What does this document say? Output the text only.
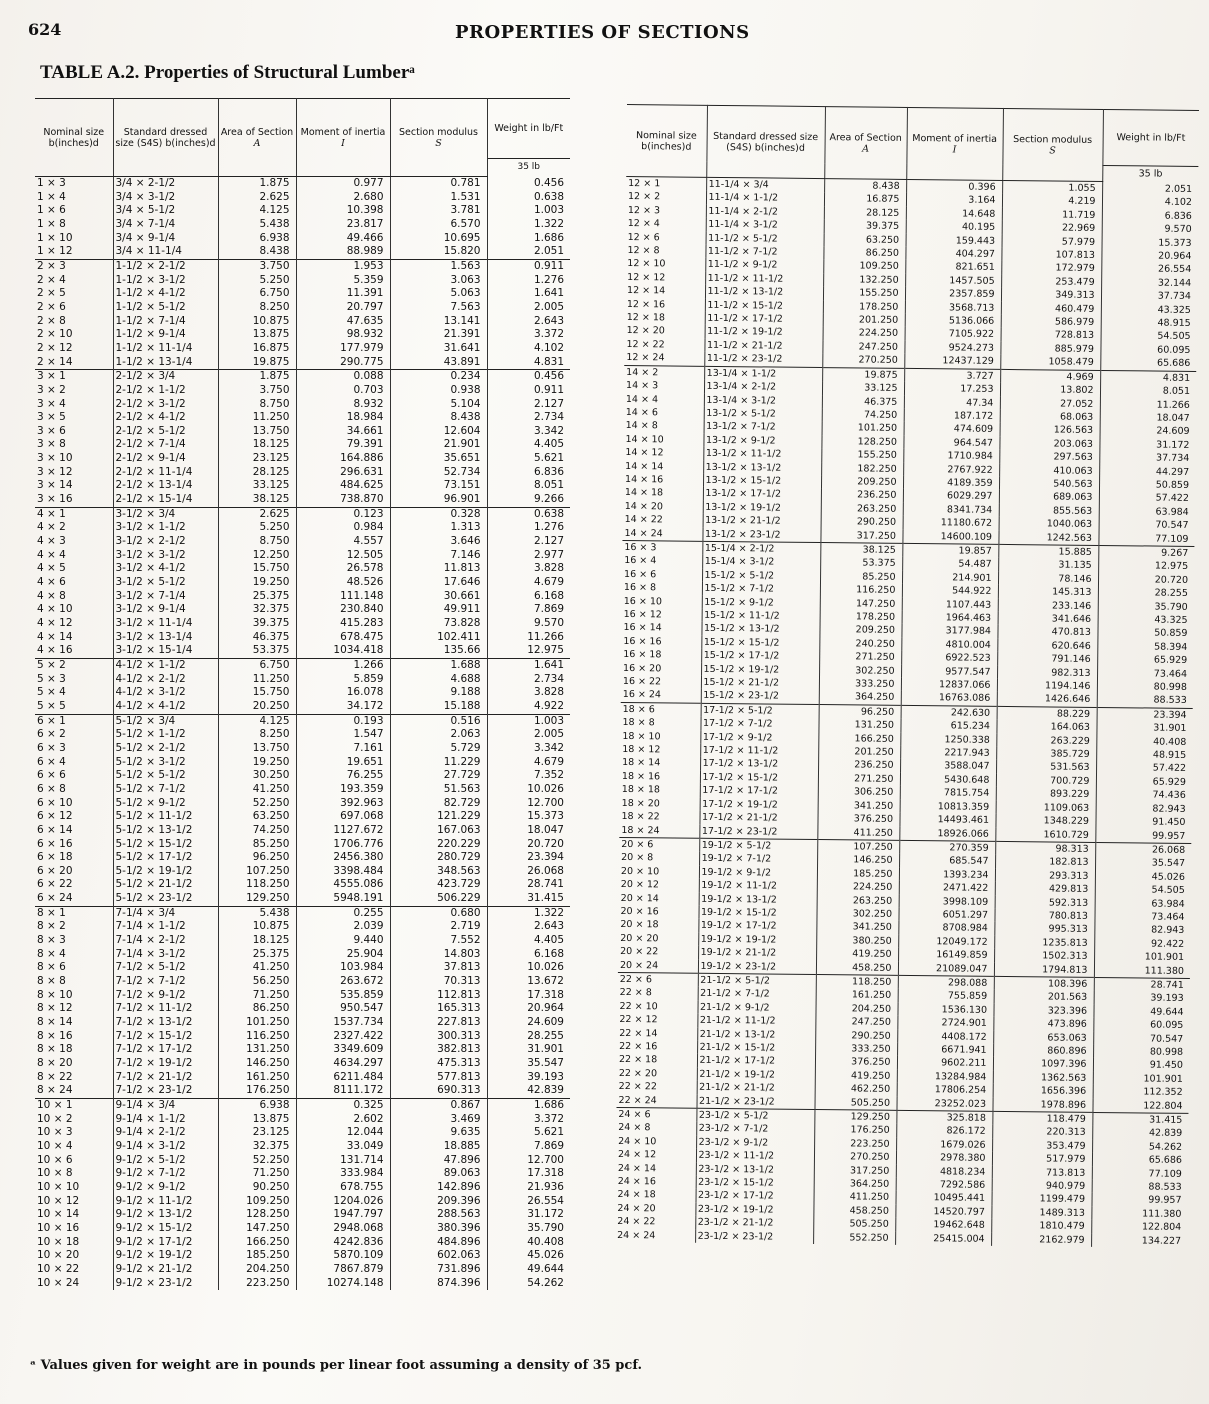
624	PROPERTIES OF SECTIONS
TABLE A.2. Properties of Structural Lumberᵃ
Nominal size b(inches)d	Standard dressed size (S4S) b(inches)d	Area of Section
A	Moment of inertia
I	Section modulus
S	Weight in lb/Ft
					35 lb
1 × 3	3/4 × 2-1/2	1.875	0.977	0.781	0.456
1 × 4	3/4 × 3-1/2	2.625	2.680	1.531	0.638
1 × 6	3/4 × 5-1/2	4.125	10.398	3.781	1.003
1 × 8	3/4 × 7-1/4	5.438	23.817	6.570	1.322
1 × 10	3/4 × 9-1/4	6.938	49.466	10.695	1.686
1 × 12	3/4 × 11-1/4	8.438	88.989	15.820	2.051
2 × 3	1-1/2 × 2-1/2	3.750	1.953	1.563	0.911
2 × 4	1-1/2 × 3-1/2	5.250	5.359	3.063	1.276
2 × 5	1-1/2 × 4-1/2	6.750	11.391	5.063	1.641
2 × 6	1-1/2 × 5-1/2	8.250	20.797	7.563	2.005
2 × 8	1-1/2 × 7-1/4	10.875	47.635	13.141	2.643
2 × 10	1-1/2 × 9-1/4	13.875	98.932	21.391	3.372
2 × 12	1-1/2 × 11-1/4	16.875	177.979	31.641	4.102
2 × 14	1-1/2 × 13-1/4	19.875	290.775	43.891	4.831
3 × 1	2-1/2 × 3/4	1.875	0.088	0.234	0.456
3 × 2	2-1/2 × 1-1/2	3.750	0.703	0.938	0.911
3 × 4	2-1/2 × 3-1/2	8.750	8.932	5.104	2.127
3 × 5	2-1/2 × 4-1/2	11.250	18.984	8.438	2.734
3 × 6	2-1/2 × 5-1/2	13.750	34.661	12.604	3.342
3 × 8	2-1/2 × 7-1/4	18.125	79.391	21.901	4.405
3 × 10	2-1/2 × 9-1/4	23.125	164.886	35.651	5.621
3 × 12	2-1/2 × 11-1/4	28.125	296.631	52.734	6.836
3 × 14	2-1/2 × 13-1/4	33.125	484.625	73.151	8.051
3 × 16	2-1/2 × 15-1/4	38.125	738.870	96.901	9.266
4 × 1	3-1/2 × 3/4	2.625	0.123	0.328	0.638
4 × 2	3-1/2 × 1-1/2	5.250	0.984	1.313	1.276
4 × 3	3-1/2 × 2-1/2	8.750	4.557	3.646	2.127
4 × 4	3-1/2 × 3-1/2	12.250	12.505	7.146	2.977
4 × 5	3-1/2 × 4-1/2	15.750	26.578	11.813	3.828
4 × 6	3-1/2 × 5-1/2	19.250	48.526	17.646	4.679
4 × 8	3-1/2 × 7-1/4	25.375	111.148	30.661	6.168
4 × 10	3-1/2 × 9-1/4	32.375	230.840	49.911	7.869
4 × 12	3-1/2 × 11-1/4	39.375	415.283	73.828	9.570
4 × 14	3-1/2 × 13-1/4	46.375	678.475	102.411	11.266
4 × 16	3-1/2 × 15-1/4	53.375	1034.418	135.66	12.975
5 × 2	4-1/2 × 1-1/2	6.750	1.266	1.688	1.641
5 × 3	4-1/2 × 2-1/2	11.250	5.859	4.688	2.734
5 × 4	4-1/2 × 3-1/2	15.750	16.078	9.188	3.828
5 × 5	4-1/2 × 4-1/2	20.250	34.172	15.188	4.922
6 × 1	5-1/2 × 3/4	4.125	0.193	0.516	1.003
6 × 2	5-1/2 × 1-1/2	8.250	1.547	2.063	2.005
6 × 3	5-1/2 × 2-1/2	13.750	7.161	5.729	3.342
6 × 4	5-1/2 × 3-1/2	19.250	19.651	11.229	4.679
6 × 6	5-1/2 × 5-1/2	30.250	76.255	27.729	7.352
6 × 8	5-1/2 × 7-1/2	41.250	193.359	51.563	10.026
6 × 10	5-1/2 × 9-1/2	52.250	392.963	82.729	12.700
6 × 12	5-1/2 × 11-1/2	63.250	697.068	121.229	15.373
6 × 14	5-1/2 × 13-1/2	74.250	1127.672	167.063	18.047
6 × 16	5-1/2 × 15-1/2	85.250	1706.776	220.229	20.720
6 × 18	5-1/2 × 17-1/2	96.250	2456.380	280.729	23.394
6 × 20	5-1/2 × 19-1/2	107.250	3398.484	348.563	26.068
6 × 22	5-1/2 × 21-1/2	118.250	4555.086	423.729	28.741
6 × 24	5-1/2 × 23-1/2	129.250	5948.191	506.229	31.415
8 × 1	7-1/4 × 3/4	5.438	0.255	0.680	1.322
8 × 2	7-1/4 × 1-1/2	10.875	2.039	2.719	2.643
8 × 3	7-1/4 × 2-1/2	18.125	9.440	7.552	4.405
8 × 4	7-1/4 × 3-1/2	25.375	25.904	14.803	6.168
8 × 6	7-1/2 × 5-1/2	41.250	103.984	37.813	10.026
8 × 8	7-1/2 × 7-1/2	56.250	263.672	70.313	13.672
8 × 10	7-1/2 × 9-1/2	71.250	535.859	112.813	17.318
8 × 12	7-1/2 × 11-1/2	86.250	950.547	165.313	20.964
8 × 14	7-1/2 × 13-1/2	101.250	1537.734	227.813	24.609
8 × 16	7-1/2 × 15-1/2	116.250	2327.422	300.313	28.255
8 × 18	7-1/2 × 17-1/2	131.250	3349.609	382.813	31.901
8 × 20	7-1/2 × 19-1/2	146.250	4634.297	475.313	35.547
8 × 22	7-1/2 × 21-1/2	161.250	6211.484	577.813	39.193
8 × 24	7-1/2 × 23-1/2	176.250	8111.172	690.313	42.839
10 × 1	9-1/4 × 3/4	6.938	0.325	0.867	1.686
10 × 2	9-1/4 × 1-1/2	13.875	2.602	3.469	3.372
10 × 3	9-1/4 × 2-1/2	23.125	12.044	9.635	5.621
10 × 4	9-1/4 × 3-1/2	32.375	33.049	18.885	7.869
10 × 6	9-1/2 × 5-1/2	52.250	131.714	47.896	12.700
10 × 8	9-1/2 × 7-1/2	71.250	333.984	89.063	17.318
10 × 10	9-1/2 × 9-1/2	90.250	678.755	142.896	21.936
10 × 12	9-1/2 × 11-1/2	109.250	1204.026	209.396	26.554
10 × 14	9-1/2 × 13-1/2	128.250	1947.797	288.563	31.172
10 × 16	9-1/2 × 15-1/2	147.250	2948.068	380.396	35.790
10 × 18	9-1/2 × 17-1/2	166.250	4242.836	484.896	40.408
10 × 20	9-1/2 × 19-1/2	185.250	5870.109	602.063	45.026
10 × 22	9-1/2 × 21-1/2	204.250	7867.879	731.896	49.644
10 × 24	9-1/2 × 23-1/2	223.250	10274.148	874.396	54.262
Nominal size b(inches)d	Standard dressed size (S4S) b(inches)d	Area of Section
A	Moment of inertia
I	Section modulus
S	Weight in lb/Ft
					35 lb
12 × 1	11-1/4 × 3/4	8.438	0.396	1.055	2.051
12 × 2	11-1/4 × 1-1/2	16.875	3.164	4.219	4.102
12 × 3	11-1/4 × 2-1/2	28.125	14.648	11.719	6.836
12 × 4	11-1/4 × 3-1/2	39.375	40.195	22.969	9.570
12 × 6	11-1/2 × 5-1/2	63.250	159.443	57.979	15.373
12 × 8	11-1/2 × 7-1/2	86.250	404.297	107.813	20.964
12 × 10	11-1/2 × 9-1/2	109.250	821.651	172.979	26.554
12 × 12	11-1/2 × 11-1/2	132.250	1457.505	253.479	32.144
12 × 14	11-1/2 × 13-1/2	155.250	2357.859	349.313	37.734
12 × 16	11-1/2 × 15-1/2	178.250	3568.713	460.479	43.325
12 × 18	11-1/2 × 17-1/2	201.250	5136.066	586.979	48.915
12 × 20	11-1/2 × 19-1/2	224.250	7105.922	728.813	54.505
12 × 22	11-1/2 × 21-1/2	247.250	9524.273	885.979	60.095
12 × 24	11-1/2 × 23-1/2	270.250	12437.129	1058.479	65.686
14 × 2	13-1/4 × 1-1/2	19.875	3.727	4.969	4.831
14 × 3	13-1/4 × 2-1/2	33.125	17.253	13.802	8.051
14 × 4	13-1/4 × 3-1/2	46.375	47.34	27.052	11.266
14 × 6	13-1/2 × 5-1/2	74.250	187.172	68.063	18.047
14 × 8	13-1/2 × 7-1/2	101.250	474.609	126.563	24.609
14 × 10	13-1/2 × 9-1/2	128.250	964.547	203.063	31.172
14 × 12	13-1/2 × 11-1/2	155.250	1710.984	297.563	37.734
14 × 14	13-1/2 × 13-1/2	182.250	2767.922	410.063	44.297
14 × 16	13-1/2 × 15-1/2	209.250	4189.359	540.563	50.859
14 × 18	13-1/2 × 17-1/2	236.250	6029.297	689.063	57.422
14 × 20	13-1/2 × 19-1/2	263.250	8341.734	855.563	63.984
14 × 22	13-1/2 × 21-1/2	290.250	11180.672	1040.063	70.547
14 × 24	13-1/2 × 23-1/2	317.250	14600.109	1242.563	77.109
16 × 3	15-1/4 × 2-1/2	38.125	19.857	15.885	9.267
16 × 4	15-1/4 × 3-1/2	53.375	54.487	31.135	12.975
16 × 6	15-1/2 × 5-1/2	85.250	214.901	78.146	20.720
16 × 8	15-1/2 × 7-1/2	116.250	544.922	145.313	28.255
16 × 10	15-1/2 × 9-1/2	147.250	1107.443	233.146	35.790
16 × 12	15-1/2 × 11-1/2	178.250	1964.463	341.646	43.325
16 × 14	15-1/2 × 13-1/2	209.250	3177.984	470.813	50.859
16 × 16	15-1/2 × 15-1/2	240.250	4810.004	620.646	58.394
16 × 18	15-1/2 × 17-1/2	271.250	6922.523	791.146	65.929
16 × 20	15-1/2 × 19-1/2	302.250	9577.547	982.313	73.464
16 × 22	15-1/2 × 21-1/2	333.250	12837.066	1194.146	80.998
16 × 24	15-1/2 × 23-1/2	364.250	16763.086	1426.646	88.533
18 × 6	17-1/2 × 5-1/2	96.250	242.630	88.229	23.394
18 × 8	17-1/2 × 7-1/2	131.250	615.234	164.063	31.901
18 × 10	17-1/2 × 9-1/2	166.250	1250.338	263.229	40.408
18 × 12	17-1/2 × 11-1/2	201.250	2217.943	385.729	48.915
18 × 14	17-1/2 × 13-1/2	236.250	3588.047	531.563	57.422
18 × 16	17-1/2 × 15-1/2	271.250	5430.648	700.729	65.929
18 × 18	17-1/2 × 17-1/2	306.250	7815.754	893.229	74.436
18 × 20	17-1/2 × 19-1/2	341.250	10813.359	1109.063	82.943
18 × 22	17-1/2 × 21-1/2	376.250	14493.461	1348.229	91.450
18 × 24	17-1/2 × 23-1/2	411.250	18926.066	1610.729	99.957
20 × 6	19-1/2 × 5-1/2	107.250	270.359	98.313	26.068
20 × 8	19-1/2 × 7-1/2	146.250	685.547	182.813	35.547
20 × 10	19-1/2 × 9-1/2	185.250	1393.234	293.313	45.026
20 × 12	19-1/2 × 11-1/2	224.250	2471.422	429.813	54.505
20 × 14	19-1/2 × 13-1/2	263.250	3998.109	592.313	63.984
20 × 16	19-1/2 × 15-1/2	302.250	6051.297	780.813	73.464
20 × 18	19-1/2 × 17-1/2	341.250	8708.984	995.313	82.943
20 × 20	19-1/2 × 19-1/2	380.250	12049.172	1235.813	92.422
20 × 22	19-1/2 × 21-1/2	419.250	16149.859	1502.313	101.901
20 × 24	19-1/2 × 23-1/2	458.250	21089.047	1794.813	111.380
22 × 6	21-1/2 × 5-1/2	118.250	298.088	108.396	28.741
22 × 8	21-1/2 × 7-1/2	161.250	755.859	201.563	39.193
22 × 10	21-1/2 × 9-1/2	204.250	1536.130	323.396	49.644
22 × 12	21-1/2 × 11-1/2	247.250	2724.901	473.896	60.095
22 × 14	21-1/2 × 13-1/2	290.250	4408.172	653.063	70.547
22 × 16	21-1/2 × 15-1/2	333.250	6671.941	860.896	80.998
22 × 18	21-1/2 × 17-1/2	376.250	9602.211	1097.396	91.450
22 × 20	21-1/2 × 19-1/2	419.250	13284.984	1362.563	101.901
22 × 22	21-1/2 × 21-1/2	462.250	17806.254	1656.396	112.352
22 × 24	21-1/2 × 23-1/2	505.250	23252.023	1978.896	122.804
24 × 6	23-1/2 × 5-1/2	129.250	325.818	118.479	31.415
24 × 8	23-1/2 × 7-1/2	176.250	826.172	220.313	42.839
24 × 10	23-1/2 × 9-1/2	223.250	1679.026	353.479	54.262
24 × 12	23-1/2 × 11-1/2	270.250	2978.380	517.979	65.686
24 × 14	23-1/2 × 13-1/2	317.250	4818.234	713.813	77.109
24 × 16	23-1/2 × 15-1/2	364.250	7292.586	940.979	88.533
24 × 18	23-1/2 × 17-1/2	411.250	10495.441	1199.479	99.957
24 × 20	23-1/2 × 19-1/2	458.250	14520.797	1489.313	111.380
24 × 22	23-1/2 × 21-1/2	505.250	19462.648	1810.479	122.804
24 × 24	23-1/2 × 23-1/2	552.250	25415.004	2162.979	134.227
ᵃ Values given for weight are in pounds per linear foot assuming a density of 35 pcf.
